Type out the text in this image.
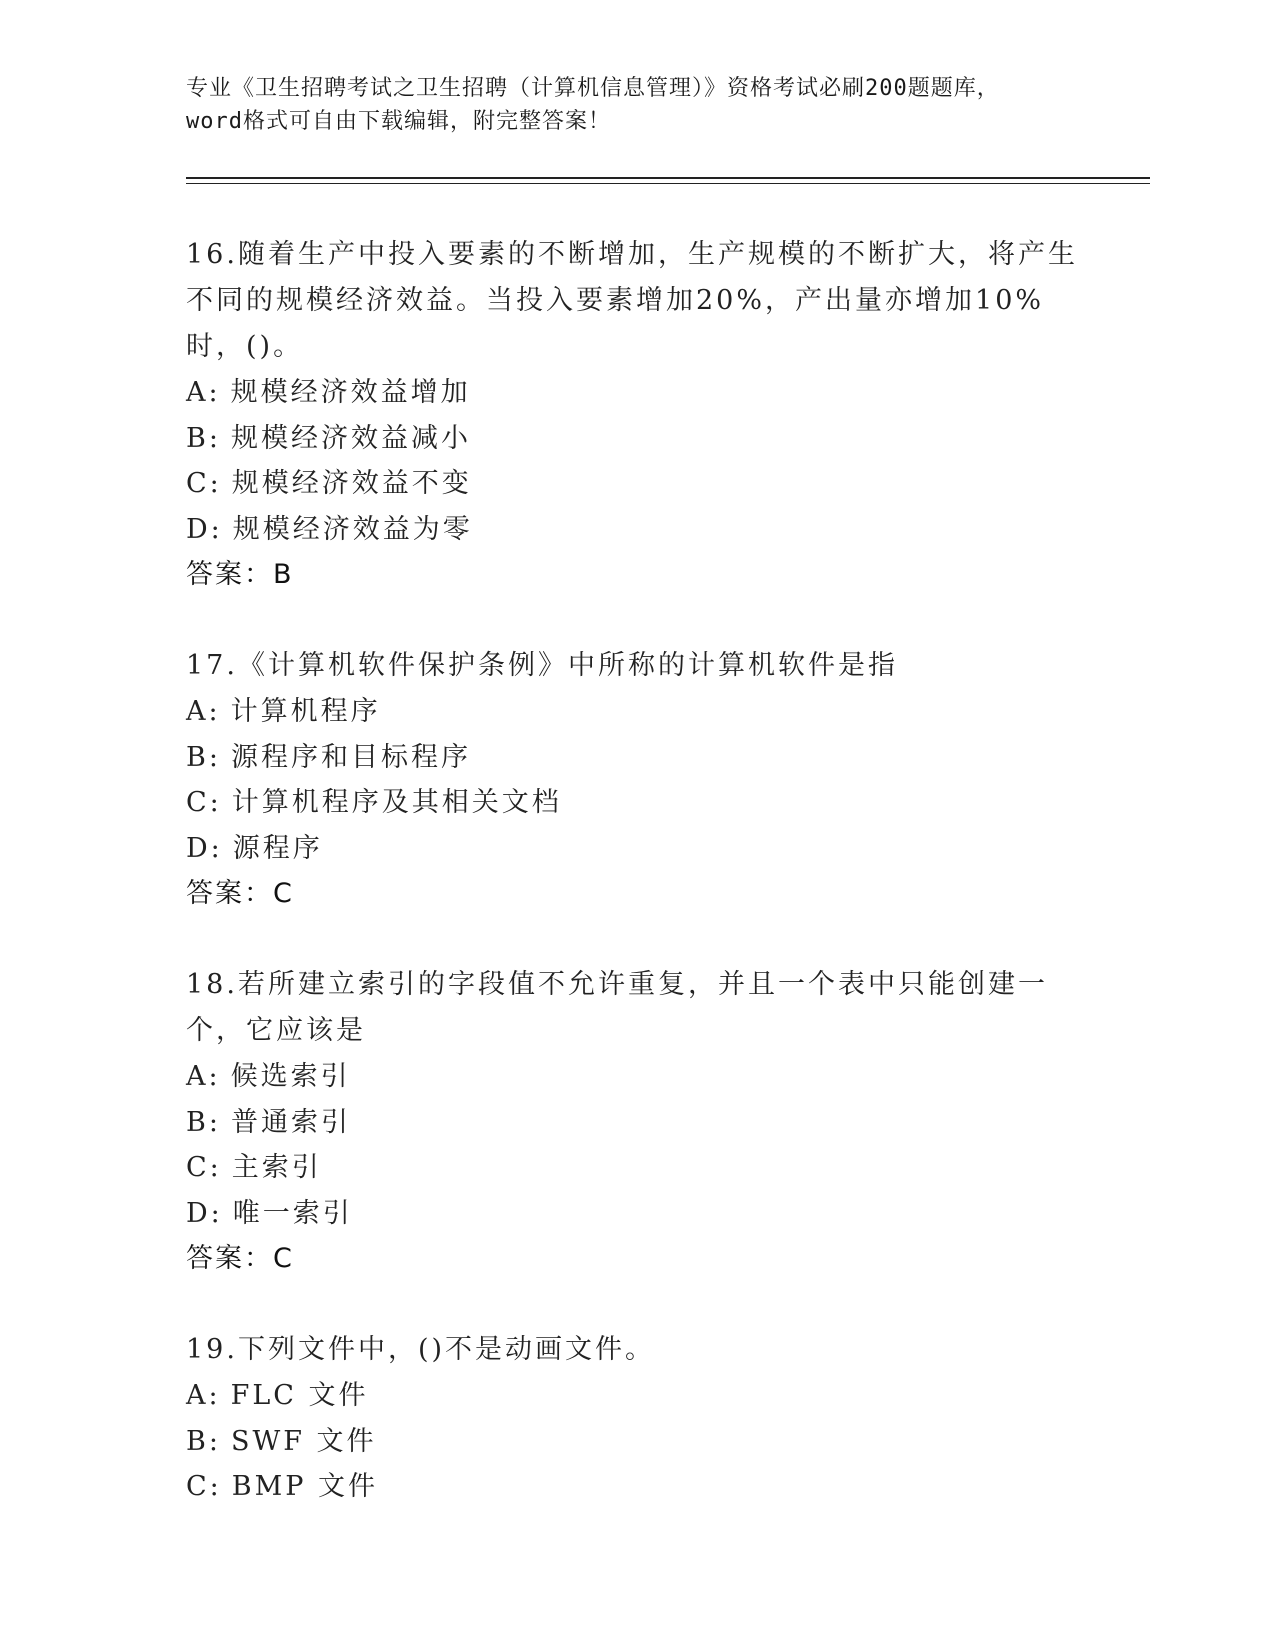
专业《卫生招聘考试之卫生招聘（计算机信息管理）》资格考试必刷200题题库，
word格式可自由下载编辑，附完整答案！

16.随着生产中投入要素的不断增加，生产规模的不断扩大，将产生不同的规模经济效益。当投入要素增加20%，产出量亦增加10%时，()。

A: 规模经济效益增加

B: 规模经济效益减小

C: 规模经济效益不变

D: 规模经济效益为零

答案：B

17.《计算机软件保护条例》中所称的计算机软件是指

A: 计算机程序

B: 源程序和目标程序

C: 计算机程序及其相关文档

D: 源程序

答案：C

18.若所建立索引的字段值不允许重复，并且一个表中只能创建一个，它应该是

A: 候选索引

B: 普通索引

C: 主索引

D: 唯一索引

答案：C

19.下列文件中，()不是动画文件。

A: FLC 文件

B: SWF 文件

C: BMP 文件
